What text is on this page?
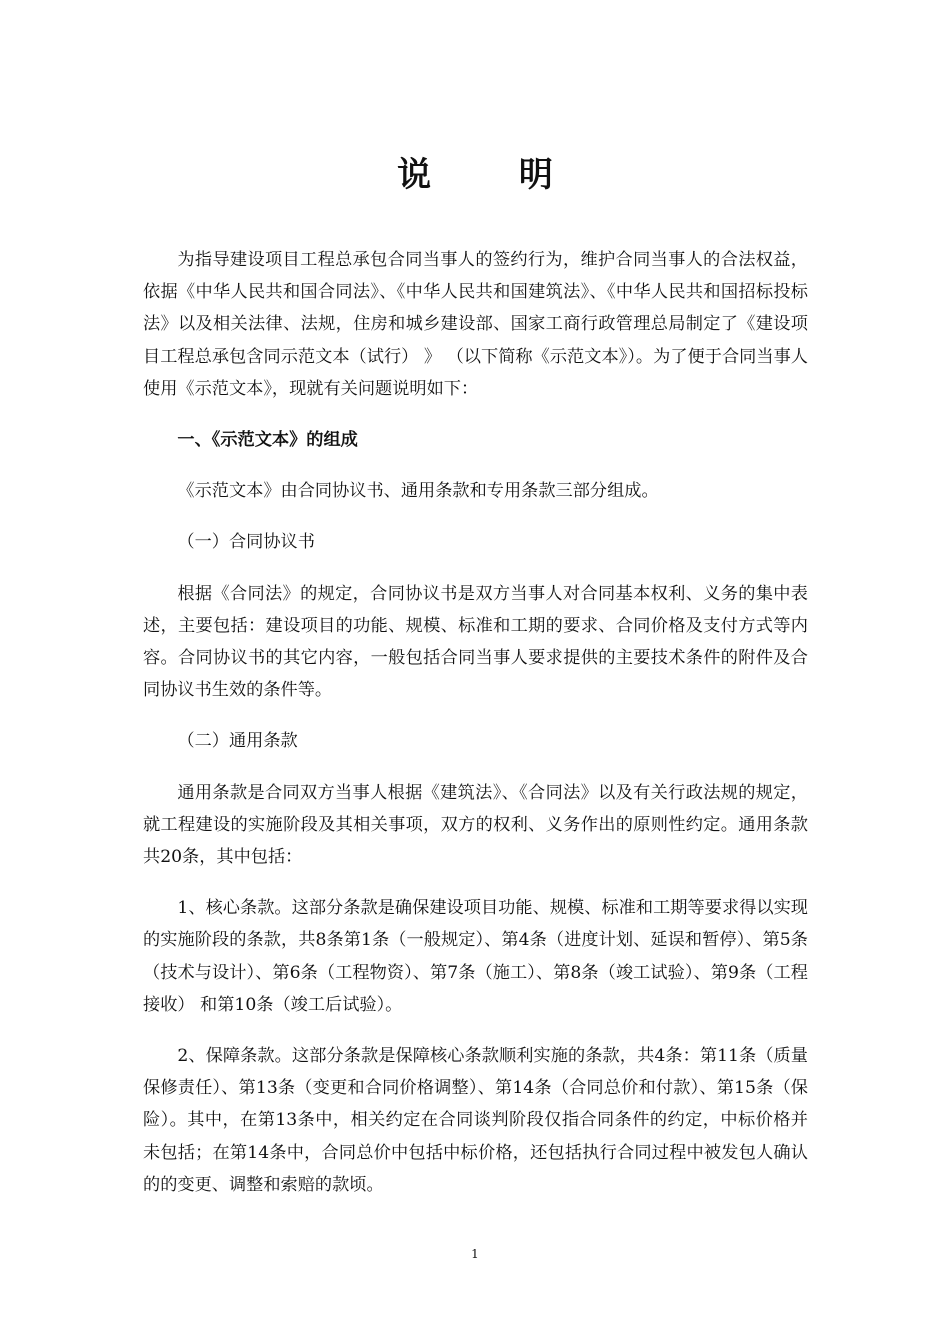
说 明

为指导建设项目工程总承包合同当事人的签约行为，维护合同当事人的合法权益，依据《中华人民共和国合同法》、《中华人民共和国建筑法》、《中华人民共和国招标投标法》以及相关法律、法规，住房和城乡建设部、国家工商行政管理总局制定了《建设项目工程总承包含同示范文本（试行） 》 （以下简称《示范文本》）。为了便于合同当事人使用《示范文本》，现就有关问题说明如下：

一、《示范文本》的组成

《示范文本》由合同协议书、通用条款和专用条款三部分组成。

（一）合同协议书

根据《合同法》的规定，合同协议书是双方当事人对合同基本权利、义务的集中表述，主要包括：建设项目的功能、规模、标准和工期的要求、合同价格及支付方式等内容。合同协议书的其它内容，一般包括合同当事人要求提供的主要技术条件的附件及合同协议书生效的条件等。

（二）通用条款

通用条款是合同双方当事人根据《建筑法》、《合同法》以及有关行政法规的规定，就工程建设的实施阶段及其相关事项，双方的权利、义务作出的原则性约定。通用条款共20条，其中包括：

1、核心条款。这部分条款是确保建设项目功能、规模、标准和工期等要求得以实现的实施阶段的条款，共8条第1条（一般规定）、第4条（进度计划、延误和暂停）、第5条（技术与设计）、第6条（工程物资）、第7条（施工）、第8条（竣工试验）、第9条（工程接收） 和第10条（竣工后试验）。

2、保障条款。这部分条款是保障核心条款顺利实施的条款，共4条：第11条（质量保修责任）、第13条（变更和合同价格调整）、第14条（合同总价和付款）、第15条（保险）。其中，在第13条中，相关约定在合同谈判阶段仅指合同条件的约定，中标价格并未包括；在第14条中，合同总价中包括中标价格，还包括执行合同过程中被发包人确认的的变更、调整和索赔的款顷。

1
